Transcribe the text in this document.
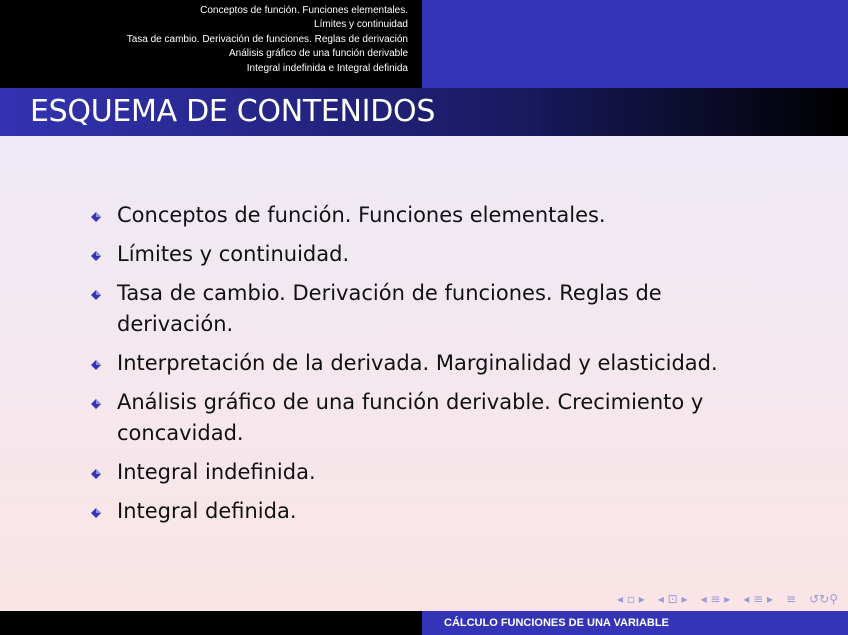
Conceptos de función. Funciones elementales.
Límites y continuidad
Tasa de cambio. Derivación de funciones. Reglas de derivación
Análisis gráfico de una función derivable
Integral indefinida e Integral definida
ESQUEMA DE CONTENIDOS
Conceptos de función. Funciones elementales.
Límites y continuidad.
Tasa de cambio. Derivación de funciones. Reglas de derivación.
Interpretación de la derivada. Marginalidad y elasticidad.
Análisis gráfico de una función derivable. Crecimiento y concavidad.
Integral indefinida.
Integral definida.
◂ ▫ ▸ ◂ ⊡ ▸ ◂ ≡ ▸ ◂ ≡ ▸ ≡ ↺↻⚲
CÁLCULO FUNCIONES DE UNA VARIABLE
